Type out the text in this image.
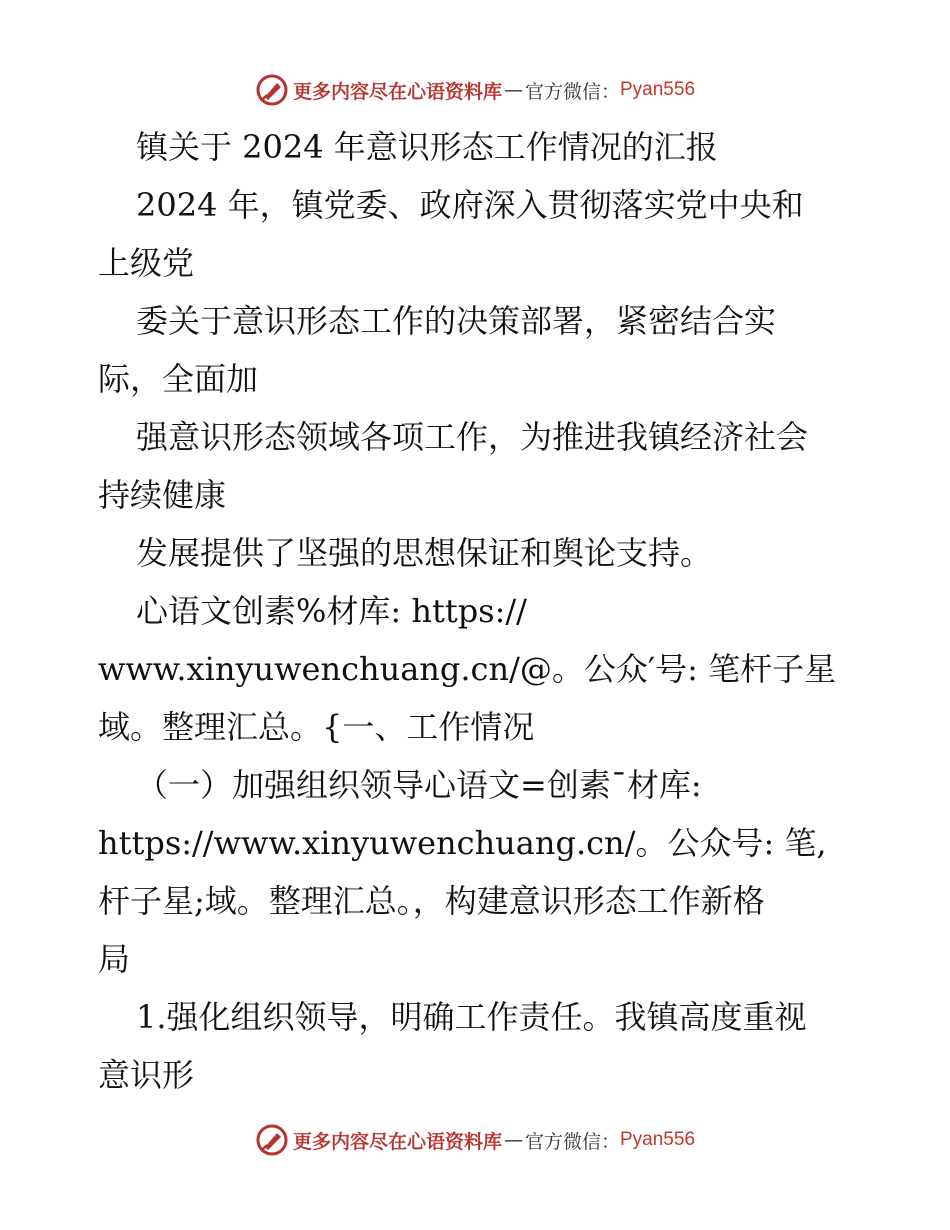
更多内容尽在心语资料库 — 官方微信： Pyan556

镇关于 2024 年意识形态工作情况的汇报

2024 年，镇党委、政府深入贯彻落实党中央和

上级党

委关于意识形态工作的决策部署，紧密结合实

际，全面加

强意识形态领域各项工作，为推进我镇经济社会

持续健康

发展提供了坚强的思想保证和舆论支持。

心语文创素%材库: https://

www.xinyuwenchuang.cn/@。公众′号: 笔杆子星

域。整理汇总。{一、工作情况

（一）加强组织领导心语文=创素¯材库:

https://www.xinyuwenchuang.cn/。公众号: 笔,

杆子星;域。整理汇总。，构建意识形态工作新格

局

1.强化组织领导，明确工作责任。我镇高度重视

意识形

更多内容尽在心语资料库 — 官方微信： Pyan556
